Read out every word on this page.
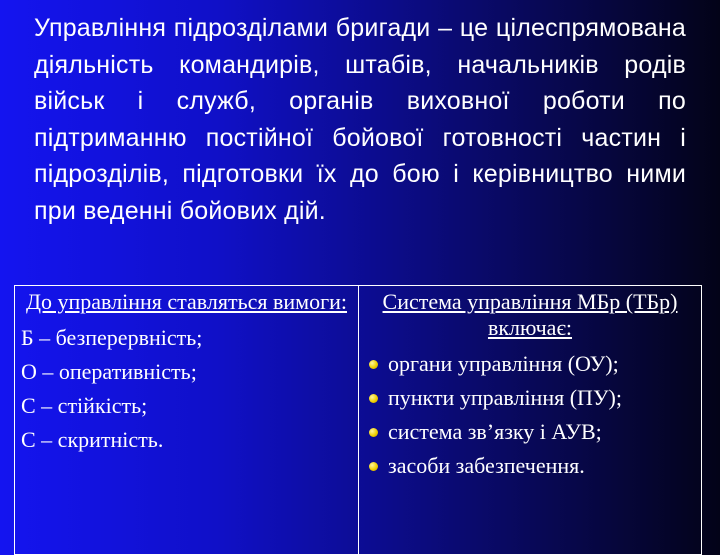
Управління підрозділами бригади – це цілеспрямована діяльність командирів, штабів, начальників родів військ і служб, органів виховної роботи по підтриманню постійної бойової готовності частин і підрозділів, підготовки їх до бою і керівництво ними при веденні бойових дій.
До управління ставляться вимоги:
Б – безперервність;
О – оперативність;
С – стійкість;
С – скритність.
Система управління МБр (ТБр) включає:
органи управління (ОУ);
пункти управління (ПУ);
система зв’язку і АУВ;
засоби забезпечення.
